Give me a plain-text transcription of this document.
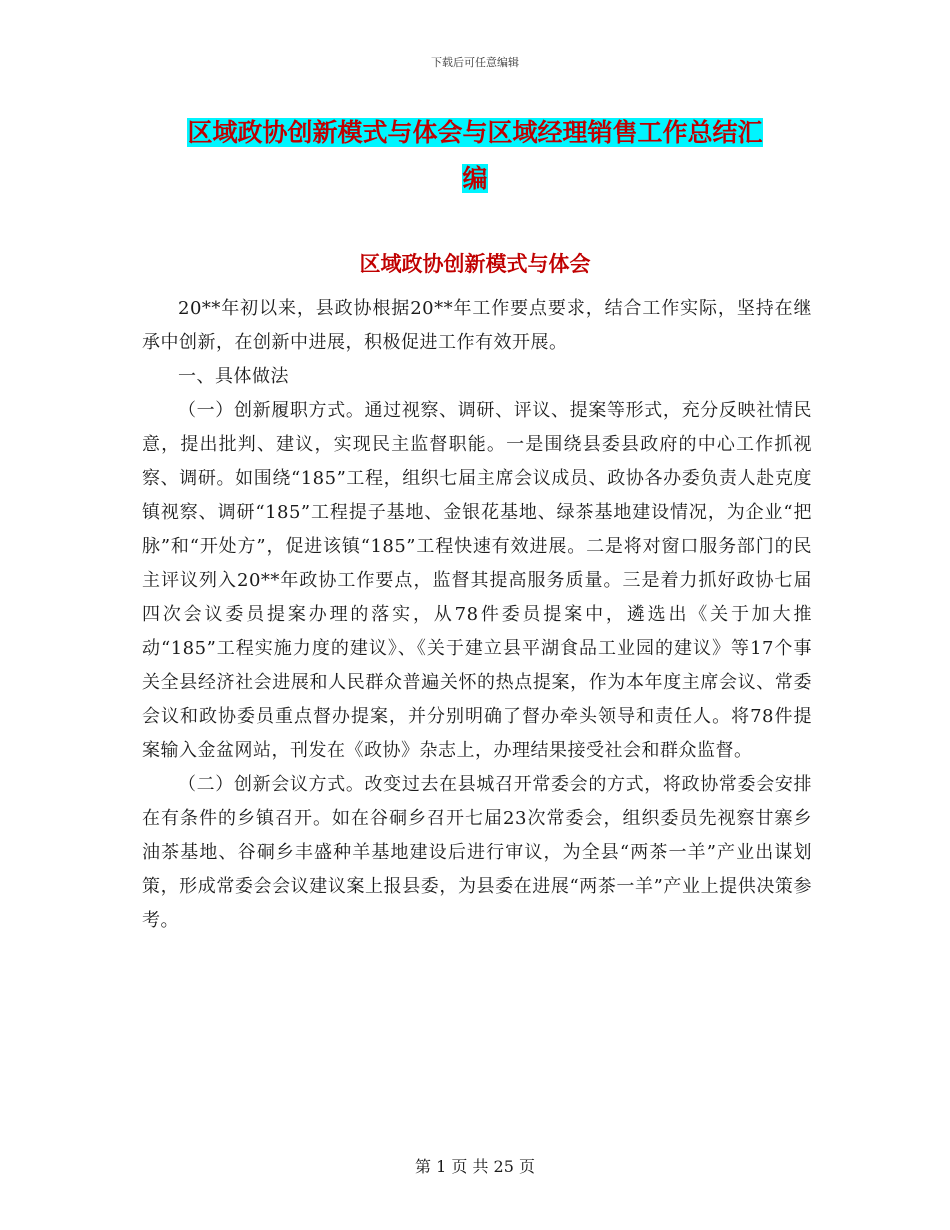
下载后可任意编辑
区域政协创新模式与体会与区域经理销售工作总结汇
编
区域政协创新模式与体会

20**年初以来，县政协根据20**年工作要点要求，结合工作实际，坚持在继承中创新，在创新中进展，积极促进工作有效开展。

一、具体做法

（一）创新履职方式。通过视察、调研、评议、提案等形式，充分反映社情民意，提出批判、建议，实现民主监督职能。一是围绕县委县政府的中心工作抓视察、调研。如围绕“185”工程，组织七届主席会议成员、政协各办委负责人赴克度镇视察、调研“185”工程提子基地、金银花基地、绿茶基地建设情况，为企业“把脉”和“开处方”，促进该镇“185”工程快速有效进展。二是将对窗口服务部门的民主评议列入20**年政协工作要点，监督其提高服务质量。三是着力抓好政协七届四次会议委员提案办理的落实，从78件委员提案中，遴选出《关于加大推动“185”工程实施力度的建议》、《关于建立县平湖食品工业园的建议》等17个事关全县经济社会进展和人民群众普遍关怀的热点提案，作为本年度主席会议、常委会议和政协委员重点督办提案，并分别明确了督办牵头领导和责任人。将78件提案输入金盆网站，刊发在《政协》杂志上，办理结果接受社会和群众监督。

（二）创新会议方式。改变过去在县城召开常委会的方式，将政协常委会安排在有条件的乡镇召开。如在谷硐乡召开七届23次常委会，组织委员先视察甘寨乡油茶基地、谷硐乡丰盛种羊基地建设后进行审议，为全县“两茶一羊”产业出谋划策，形成常委会会议建议案上报县委，为县委在进展“两茶一羊”产业上提供决策参考。

第 1 页 共 25 页
